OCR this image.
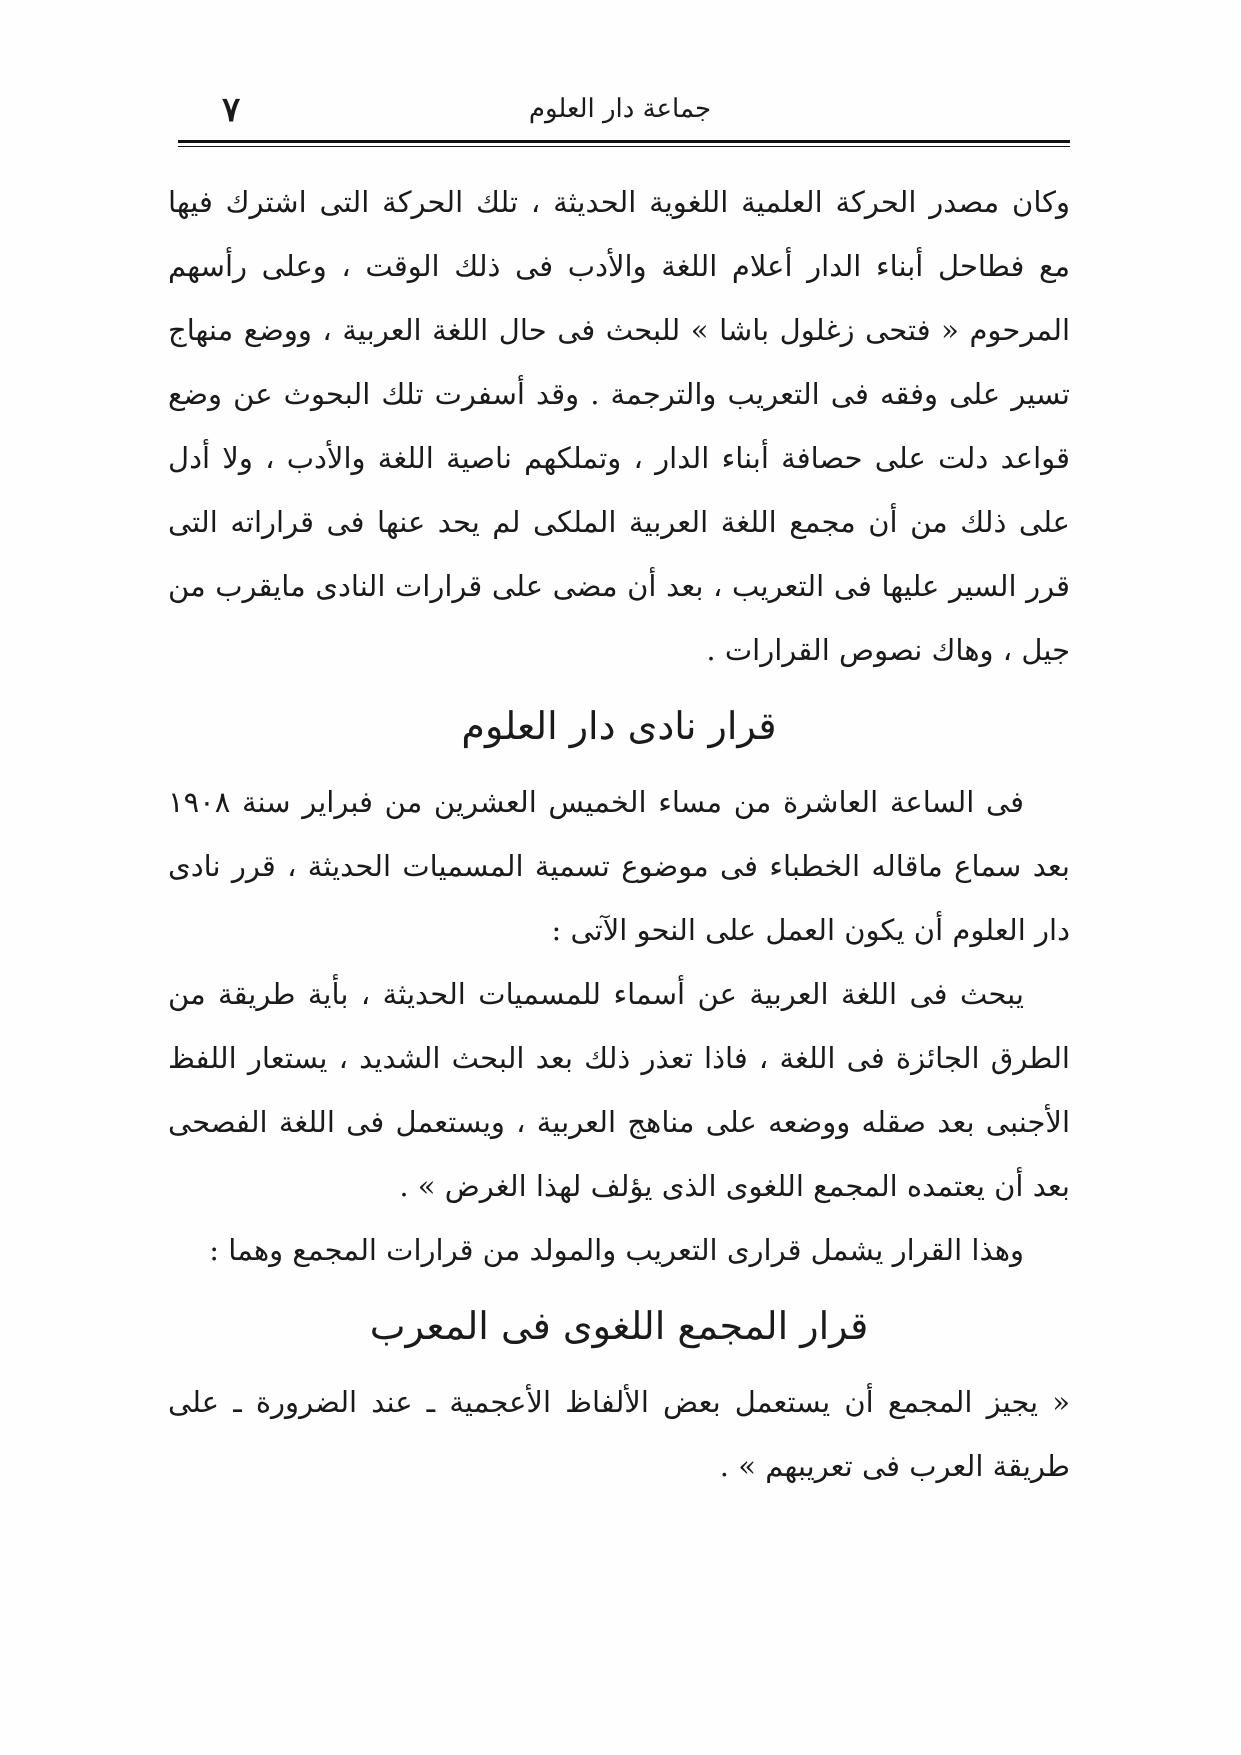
٧	جماعة دار العلوم

وكان مصدر الحركة العلمية اللغوية الحديثة ، تلك الحركة التى اشترك فيها مع فطاحل أبناء الدار أعلام اللغة والأدب فى ذلك الوقت ، وعلى رأسهم المرحوم « فتحى زغلول باشا » للبحث فى حال اللغة العربية ، ووضع منهاج تسير على وفقه فى التعريب والترجمة . وقد أسفرت تلك البحوث عن وضع قواعد دلت على حصافة أبناء الدار ، وتملكهم ناصية اللغة والأدب ، ولا أدل على ذلك من أن مجمع اللغة العربية الملكى لم يحد عنها فى قراراته التى قرر السير عليها فى التعريب ، بعد أن مضى على قرارات النادى مايقرب من جيل ، وهاك نصوص القرارات .

قرار نادى دار العلوم

فى الساعة العاشرة من مساء الخميس العشرين من فبراير سنة ١٩٠٨ بعد سماع ماقاله الخطباء فى موضوع تسمية المسميات الحديثة ، قرر نادى دار العلوم أن يكون العمل على النحو الآتى :

يبحث فى اللغة العربية عن أسماء للمسميات الحديثة ، بأية طريقة من الطرق الجائزة فى اللغة ، فاذا تعذر ذلك بعد البحث الشديد ، يستعار اللفظ الأجنبى بعد صقله ووضعه على مناهج العربية ، ويستعمل فى اللغة الفصحى بعد أن يعتمده المجمع اللغوى الذى يؤلف لهذا الغرض » .

وهذا القرار يشمل قرارى التعريب والمولد من قرارات المجمع وهما :

قرار المجمع اللغوى فى المعرب

« يجيز المجمع أن يستعمل بعض الألفاظ الأعجمية ـ عند الضرورة ـ على طريقة العرب فى تعريبهم » .
